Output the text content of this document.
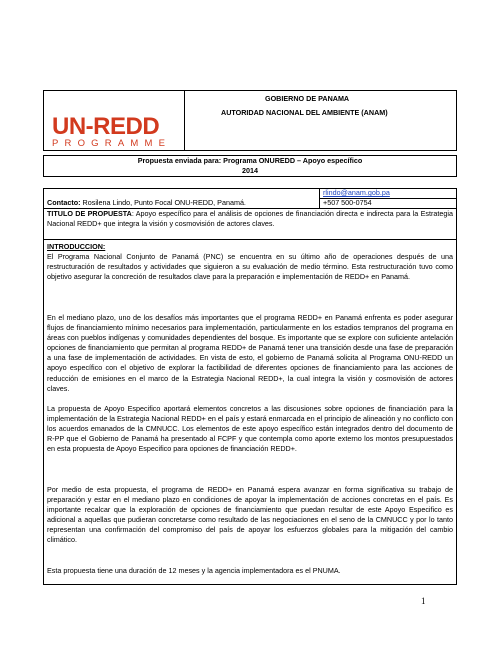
UN-REDD
PROGRAMME
GOBIERNO DE PANAMA
AUTORIDAD NACIONAL DEL AMBIENTE (ANAM)
Propuesta enviada para: Programa ONUREDD – Apoyo específico
2014
Contacto: Rosilena Lindo, Punto Focal ONU-REDD, Panamá.
rlindo@anam.gob.pa
+507 500-0754
TITULO DE PROPUESTA: Apoyo específico para el análisis de opciones de financiación directa e indirecta para la Estrategia Nacional REDD+ que integra la visión y cosmovisión de actores claves.
INTRODUCCION:
El Programa Nacional Conjunto de Panamá (PNC) se encuentra en su último año de operaciones después de una restructuración de resultados y actividades que siguieron a su evaluación de medio término. Esta restructuración tuvo como objetivo asegurar la concreción de resultados clave para la preparación e implementación de REDD+ en Panamá.
En el mediano plazo, uno de los desafíos más importantes que el programa REDD+ en Panamá enfrenta es poder asegurar flujos de financiamiento mínimo necesarios para implementación, particularmente en los estadios tempranos del programa en áreas con pueblos indígenas y comunidades dependientes del bosque. Es importante que se explore con suficiente antelación opciones de financiamiento que permitan al programa REDD+ de Panamá tener una transición desde una fase de preparación a una fase de implementación de actividades. En vista de esto, el gobierno de Panamá solicita al Programa ONU-REDD un apoyo específico con el objetivo de explorar la factibilidad de diferentes opciones de financiamiento para las acciones de reducción de emisiones en el marco de la Estrategia Nacional REDD+, la cual integra la visión y cosmovisión de actores claves.
La propuesta de Apoyo Especifico aportará elementos concretos a las discusiones sobre opciones de financiación para la implementación de la Estrategia Nacional REDD+ en el país y estará enmarcada en el principio de alineación y no conflicto con los acuerdos emanados de la CMNUCC. Los elementos de este apoyo específico están integrados dentro del documento de R-PP que el Gobierno de Panamá ha presentado al FCPF y que contempla como aporte externo los montos presupuestados en esta propuesta de Apoyo Especifico para opciones de financiación REDD+.
Por medio de esta propuesta, el programa de REDD+ en Panamá espera avanzar en forma significativa su trabajo de preparación y estar en el mediano plazo en condiciones de apoyar la implementación de acciones concretas en el país. Es importante recalcar que la exploración de opciones de financiamiento que puedan resultar de este Apoyo Especifico es adicional a aquellas que pudieran concretarse como resultado de las negociaciones en el seno de la CMNUCC y por lo tanto representan una confirmación del compromiso del país de apoyar los esfuerzos globales para la mitigación del cambio climático.
Esta propuesta tiene una duración de 12 meses y la agencia implementadora es el PNUMA.
1
